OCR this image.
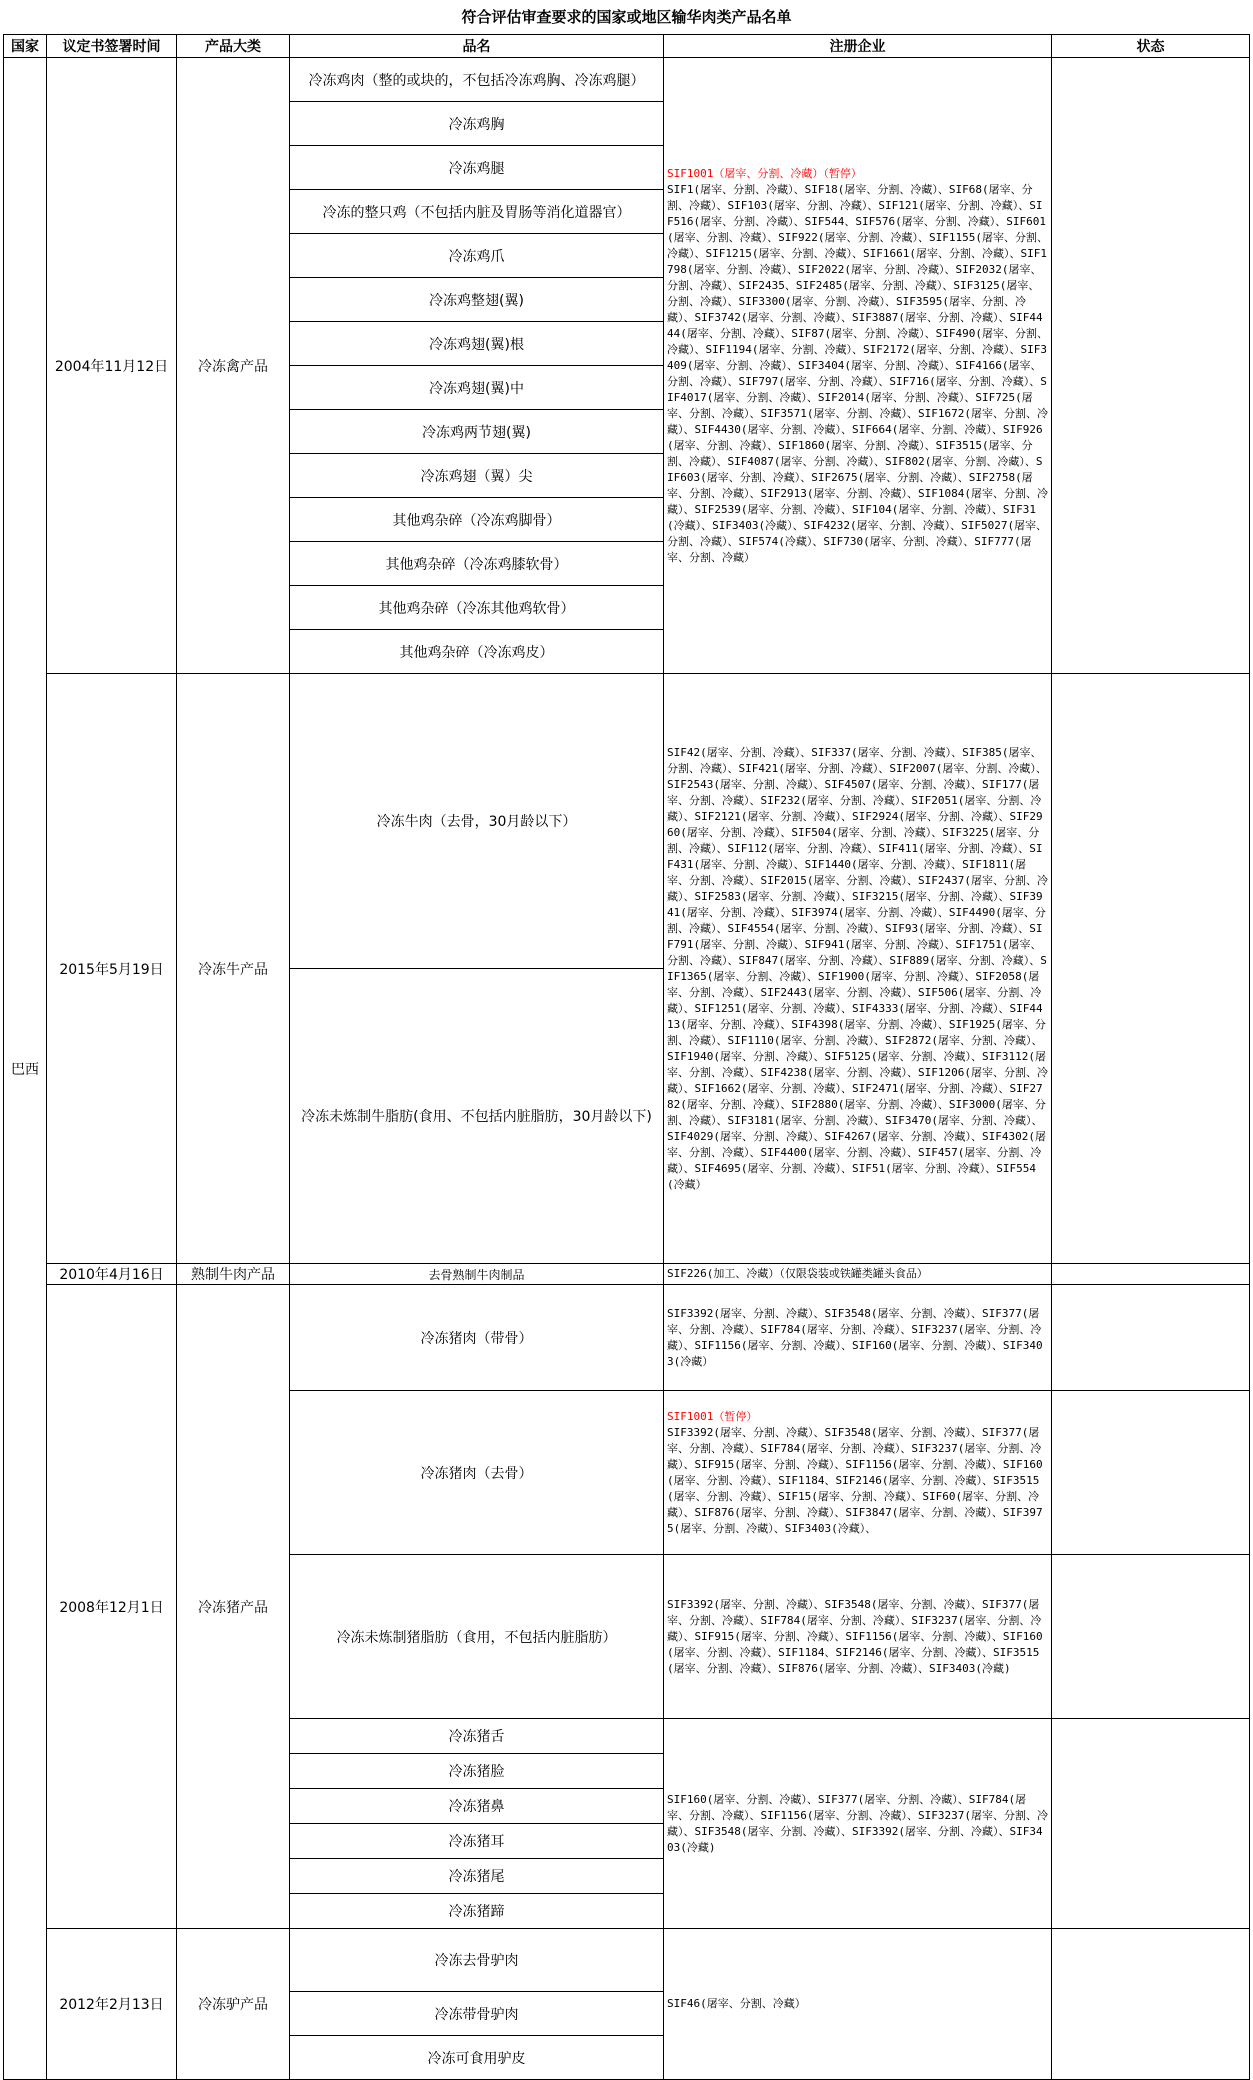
符合评估审查要求的国家或地区输华肉类产品名单
国家	议定书签署时间	产品大类	品名	注册企业	状态
巴西	2004年11月12日	冷冻禽产品	冷冻鸡肉（整的或块的，不包括冷冻鸡胸、冷冻鸡腿）	SIF1001（屠宰、分割、冷藏）（暂停）
SIF1(屠宰、分割、冷藏）、SIF18(屠宰、分割、冷藏）、SIF68(屠宰、分割、冷藏）、SIF103(屠宰、分割、冷藏）、SIF121(屠宰、分割、冷藏）、SIF516(屠宰、分割、冷藏）、SIF544、SIF576(屠宰、分割、冷藏）、SIF601(屠宰、分割、冷藏）、SIF922(屠宰、分割、冷藏）、SIF1155(屠宰、分割、冷藏）、SIF1215(屠宰、分割、冷藏）、SIF1661(屠宰、分割、冷藏）、SIF1798(屠宰、分割、冷藏）、SIF2022(屠宰、分割、冷藏）、SIF2032(屠宰、分割、冷藏）、SIF2435、SIF2485(屠宰、分割、冷藏）、SIF3125(屠宰、分割、冷藏）、SIF3300(屠宰、分割、冷藏）、SIF3595(屠宰、分割、冷藏）、SIF3742(屠宰、分割、冷藏）、SIF3887(屠宰、分割、冷藏）、SIF4444(屠宰、分割、冷藏）、SIF87(屠宰、分割、冷藏）、SIF490(屠宰、分割、冷藏）、SIF1194(屠宰、分割、冷藏）、SIF2172(屠宰、分割、冷藏）、SIF3409(屠宰、分割、冷藏）、SIF3404(屠宰、分割、冷藏）、SIF4166(屠宰、分割、冷藏）、SIF797(屠宰、分割、冷藏）、SIF716(屠宰、分割、冷藏）、SIF4017(屠宰、分割、冷藏）、SIF2014(屠宰、分割、冷藏）、SIF725(屠宰、分割、冷藏）、SIF3571(屠宰、分割、冷藏）、SIF1672(屠宰、分割、冷藏）、SIF4430(屠宰、分割、冷藏）、SIF664(屠宰、分割、冷藏）、SIF926(屠宰、分割、冷藏）、SIF1860(屠宰、分割、冷藏）、SIF3515(屠宰、分割、冷藏）、SIF4087(屠宰、分割、冷藏）、SIF802(屠宰、分割、冷藏）、SIF603(屠宰、分割、冷藏）、SIF2675(屠宰、分割、冷藏）、SIF2758(屠宰、分割、冷藏）、SIF2913(屠宰、分割、冷藏）、SIF1084(屠宰、分割、冷藏）、SIF2539(屠宰、分割、冷藏）、SIF104(屠宰、分割、冷藏）、SIF31(冷藏）、SIF3403(冷藏）、SIF4232(屠宰、分割、冷藏）、SIF5027(屠宰、分割、冷藏）、SIF574(冷藏）、SIF730(屠宰、分割、冷藏）、SIF777(屠宰、分割、冷藏）	
			冷冻鸡胸		
			冷冻鸡腿		
			冷冻的整只鸡（不包括内脏及胃肠等消化道器官）		
			冷冻鸡爪		
			冷冻鸡整翅(翼)		
			冷冻鸡翅(翼)根		
			冷冻鸡翅(翼)中		
			冷冻鸡两节翅(翼)		
			冷冻鸡翅（翼）尖		
			其他鸡杂碎（冷冻鸡脚骨）		
			其他鸡杂碎（冷冻鸡膝软骨）		
			其他鸡杂碎（冷冻其他鸡软骨）		
			其他鸡杂碎（冷冻鸡皮）		
	2015年5月19日	冷冻牛产品	冷冻牛肉（去骨，30月龄以下）	SIF42(屠宰、分割、冷藏）、SIF337(屠宰、分割、冷藏）、SIF385(屠宰、分割、冷藏）、SIF421(屠宰、分割、冷藏）、SIF2007(屠宰、分割、冷藏）、SIF2543(屠宰、分割、冷藏）、SIF4507(屠宰、分割、冷藏）、SIF177(屠宰、分割、冷藏）、SIF232(屠宰、分割、冷藏）、SIF2051(屠宰、分割、冷藏）、SIF2121(屠宰、分割、冷藏）、SIF2924(屠宰、分割、冷藏）、SIF2960(屠宰、分割、冷藏）、SIF504(屠宰、分割、冷藏）、SIF3225(屠宰、分割、冷藏）、SIF112(屠宰、分割、冷藏）、SIF411(屠宰、分割、冷藏）、SIF431(屠宰、分割、冷藏）、SIF1440(屠宰、分割、冷藏）、SIF1811(屠宰、分割、冷藏）、SIF2015(屠宰、分割、冷藏）、SIF2437(屠宰、分割、冷藏）、SIF2583(屠宰、分割、冷藏）、SIF3215(屠宰、分割、冷藏）、SIF3941(屠宰、分割、冷藏）、SIF3974(屠宰、分割、冷藏）、SIF4490(屠宰、分割、冷藏）、SIF4554(屠宰、分割、冷藏）、SIF93(屠宰、分割、冷藏）、SIF791(屠宰、分割、冷藏）、SIF941(屠宰、分割、冷藏）、SIF1751(屠宰、分割、冷藏）、SIF847(屠宰、分割、冷藏）、SIF889(屠宰、分割、冷藏）、SIF1365(屠宰、分割、冷藏）、SIF1900(屠宰、分割、冷藏）、SIF2058(屠宰、分割、冷藏）、SIF2443(屠宰、分割、冷藏）、SIF506(屠宰、分割、冷藏）、SIF1251(屠宰、分割、冷藏）、SIF4333(屠宰、分割、冷藏）、SIF4413(屠宰、分割、冷藏）、SIF4398(屠宰、分割、冷藏）、SIF1925(屠宰、分割、冷藏）、SIF1110(屠宰、分割、冷藏）、SIF2872(屠宰、分割、冷藏）、SIF1940(屠宰、分割、冷藏）、SIF5125(屠宰、分割、冷藏）、SIF3112(屠宰、分割、冷藏）、SIF4238(屠宰、分割、冷藏）、SIF1206(屠宰、分割、冷藏）、SIF1662(屠宰、分割、冷藏）、SIF2471(屠宰、分割、冷藏）、SIF2782(屠宰、分割、冷藏）、SIF2880(屠宰、分割、冷藏）、SIF3000(屠宰、分割、冷藏）、SIF3181(屠宰、分割、冷藏）、SIF3470(屠宰、分割、冷藏）、SIF4029(屠宰、分割、冷藏）、SIF4267(屠宰、分割、冷藏）、SIF4302(屠宰、分割、冷藏）、SIF4400(屠宰、分割、冷藏）、SIF457(屠宰、分割、冷藏）、SIF4695(屠宰、分割、冷藏）、SIF51(屠宰、分割、冷藏）、SIF554(冷藏）	
			冷冻未炼制牛脂肪(食用、不包括内脏脂肪，30月龄以下)		
	2010年4月16日	熟制牛肉产品	去骨熟制牛肉制品	SIF226(加工、冷藏）（仅限袋装或铁罐类罐头食品）	
	2008年12月1日	冷冻猪产品	冷冻猪肉（带骨）	SIF3392(屠宰、分割、冷藏）、SIF3548(屠宰、分割、冷藏）、SIF377(屠宰、分割、冷藏）、SIF784(屠宰、分割、冷藏）、SIF3237(屠宰、分割、冷藏）、SIF1156(屠宰、分割、冷藏）、SIF160(屠宰、分割、冷藏）、SIF3403(冷藏）	
			冷冻猪肉（去骨）	SIF1001（暂停）
SIF3392(屠宰、分割、冷藏）、SIF3548(屠宰、分割、冷藏）、SIF377(屠宰、分割、冷藏）、SIF784(屠宰、分割、冷藏）、SIF3237(屠宰、分割、冷藏）、SIF915(屠宰、分割、冷藏）、SIF1156(屠宰、分割、冷藏）、SIF160(屠宰、分割、冷藏）、SIF1184、SIF2146(屠宰、分割、冷藏）、SIF3515(屠宰、分割、冷藏）、SIF15(屠宰、分割、冷藏）、SIF60(屠宰、分割、冷藏）、SIF876(屠宰、分割、冷藏）、SIF3847(屠宰、分割、冷藏）、SIF3975(屠宰、分割、冷藏）、SIF3403(冷藏）、	
			冷冻未炼制猪脂肪（食用，不包括内脏脂肪）	SIF3392(屠宰、分割、冷藏）、SIF3548(屠宰、分割、冷藏）、SIF377(屠宰、分割、冷藏）、SIF784(屠宰、分割、冷藏）、SIF3237(屠宰、分割、冷藏）、SIF915(屠宰、分割、冷藏）、SIF1156(屠宰、分割、冷藏）、SIF160(屠宰、分割、冷藏）、SIF1184、SIF2146(屠宰、分割、冷藏）、SIF3515(屠宰、分割、冷藏）、SIF876(屠宰、分割、冷藏）、SIF3403(冷藏)	
			冷冻猪舌	SIF160(屠宰、分割、冷藏）、SIF377(屠宰、分割、冷藏）、SIF784(屠宰、分割、冷藏）、SIF1156(屠宰、分割、冷藏）、SIF3237(屠宰、分割、冷藏）、SIF3548(屠宰、分割、冷藏）、SIF3392(屠宰、分割、冷藏）、SIF3403(冷藏)	
			冷冻猪脸		
			冷冻猪鼻		
			冷冻猪耳		
			冷冻猪尾		
			冷冻猪蹄		
	2012年2月13日	冷冻驴产品	冷冻去骨驴肉	SIF46(屠宰、分割、冷藏）	
			冷冻带骨驴肉		
			冷冻可食用驴皮		
